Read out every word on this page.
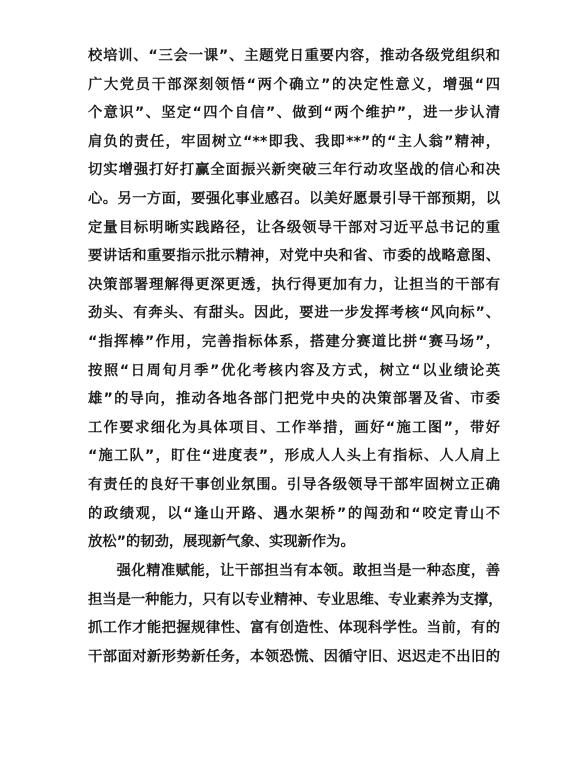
校培训、“三会一课”、主题党日重要内容，推动各级党组织和
广大党员干部深刻领悟“两个确立”的决定性意义，增强“四
个意识”、坚定“四个自信”、做到“两个维护”，进一步认清
肩负的责任，牢固树立“**即我、我即**”的“主人翁”精神，
切实增强打好打赢全面振兴新突破三年行动攻坚战的信心和决
心。另一方面，要强化事业感召。以美好愿景引导干部预期，以
定量目标明晰实践路径，让各级领导干部对习近平总书记的重
要讲话和重要指示批示精神，对党中央和省、市委的战略意图、
决策部署理解得更深更透，执行得更加有力，让担当的干部有
劲头、有奔头、有甜头。因此，要进一步发挥考核“风向标”、
“指挥棒”作用，完善指标体系，搭建分赛道比拼“赛马场”，
按照“日周旬月季”优化考核内容及方式，树立“以业绩论英
雄”的导向，推动各地各部门把党中央的决策部署及省、市委
工作要求细化为具体项目、工作举措，画好“施工图”，带好
“施工队”，盯住“进度表”，形成人人头上有指标、人人肩上
有责任的良好干事创业氛围。引导各级领导干部牢固树立正确
的政绩观，以“逢山开路、遇水架桥”的闯劲和“咬定青山不
放松”的韧劲，展现新气象、实现新作为。
强化精准赋能，让干部担当有本领。敢担当是一种态度，善
担当是一种能力，只有以专业精神、专业思维、专业素养为支撑，
抓工作才能把握规律性、富有创造性、体现科学性。当前，有的
干部面对新形势新任务，本领恐慌、因循守旧、迟迟走不出旧的
